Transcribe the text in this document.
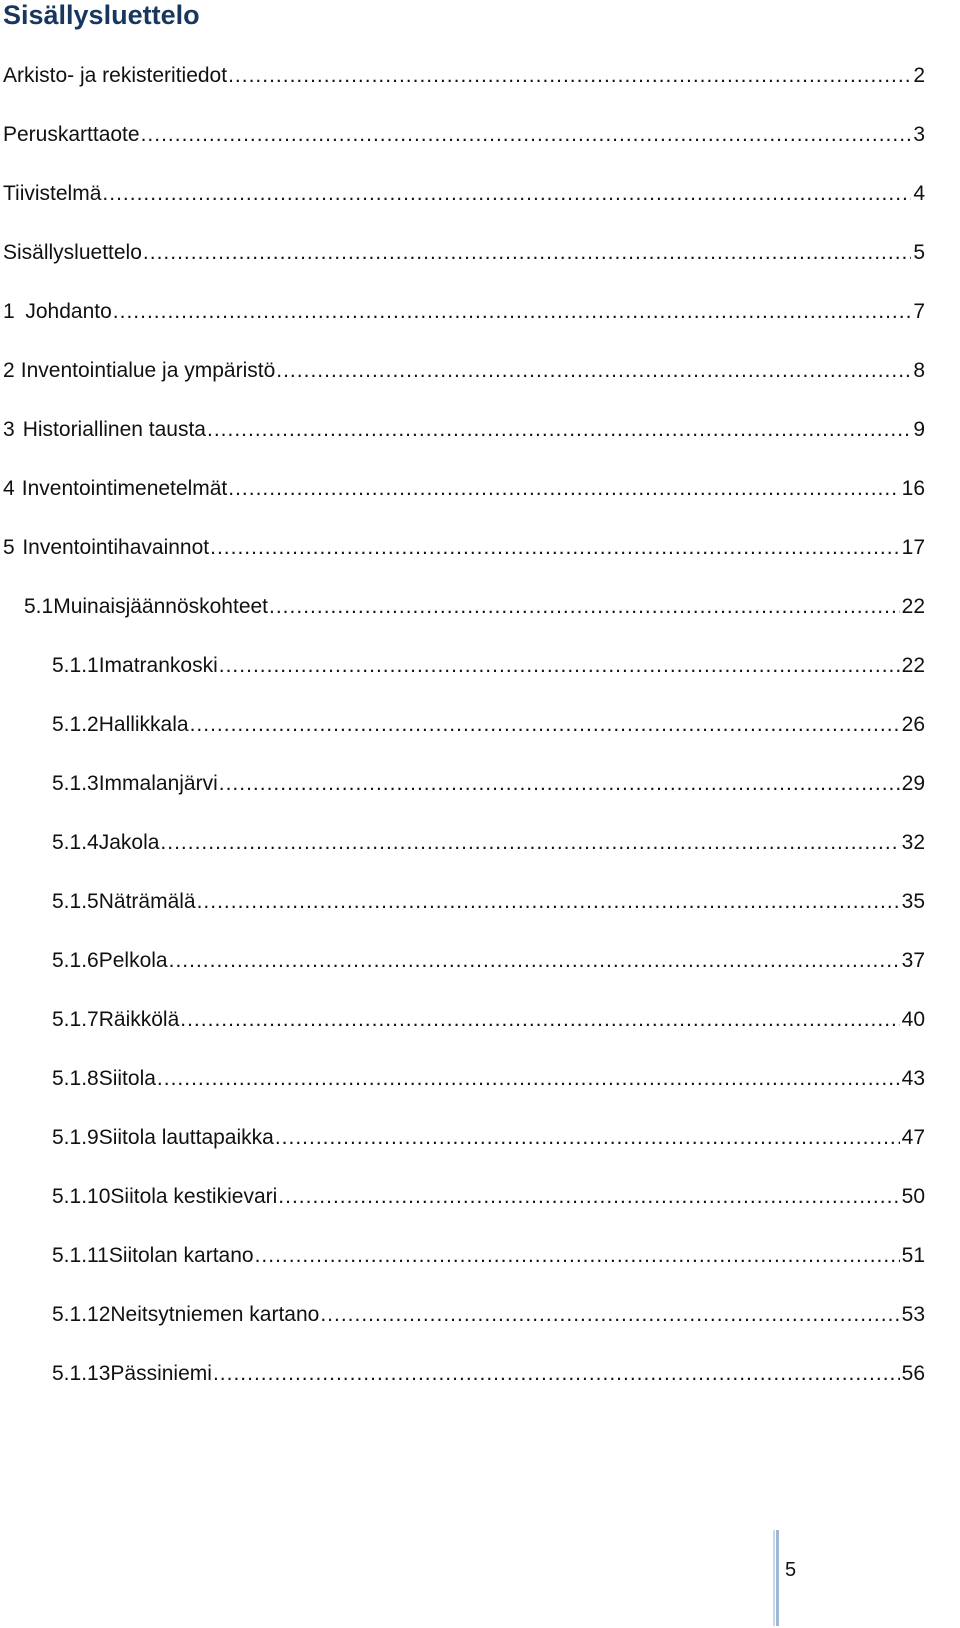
Sisällysluettelo
Arkisto- ja rekisteritiedot .....	2
Peruskarttaote .....	3
Tiivistelmä .....	4
Sisällysluettelo .....	5
1 Johdanto .....	7
2 Inventointialue ja ympäristö .....	8
3 Historiallinen tausta .....	9
4 Inventointimenetelmät .....	16
5 Inventointihavainnot .....	17
5.1 Muinaisjäännöskohteet .....	22
5.1.1 Imatrankoski .....	22
5.1.2 Hallikkala .....	26
5.1.3 Immalanjärvi .....	29
5.1.4 Jakola .....	32
5.1.5 Näträmälä .....	35
5.1.6 Pelkola .....	37
5.1.7 Räikkölä .....	40
5.1.8 Siitola .....	43
5.1.9 Siitola lauttapaikka .....	47
5.1.10 Siitola kestikievari .....	50
5.1.11 Siitolan kartano .....	51
5.1.12 Neitsytniemen kartano .....	53
5.1.13 Pässiniemi .....	56
5
